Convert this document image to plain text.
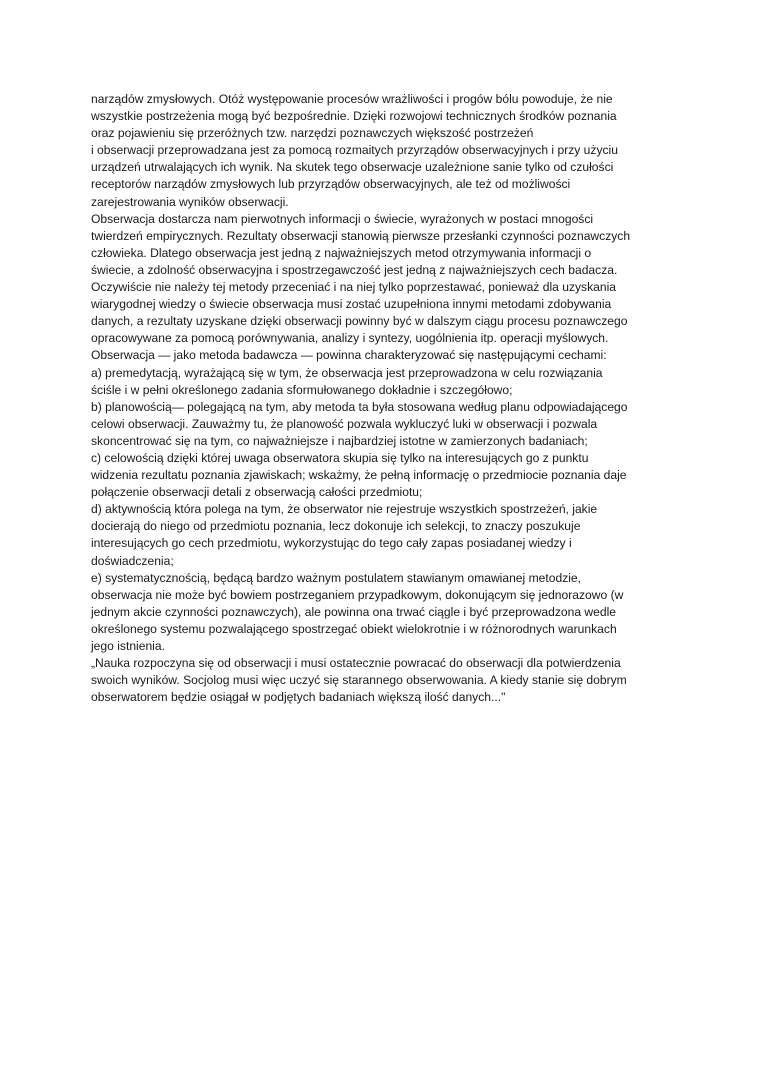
narządów zmysłowych. Otóż występowanie procesów wrażliwości i progów bólu powoduje, że nie
wszystkie postrzeżenia mogą być bezpośrednie. Dzięki rozwojowi technicznych środków poznania
oraz pojawieniu się przeróżnych tzw. narzędzi poznawczych większość postrzeżeń
i obserwacji przeprowadzana jest za pomocą rozmaitych przyrządów obserwacyjnych i przy użyciu
urządzeń utrwalających ich wynik. Na skutek tego obserwacje uzależnione sanie tylko od czułości
receptorów narządów zmysłowych lub przyrządów obserwacyjnych, ale też od możliwości
zarejestrowania wyników obserwacji.
Obserwacja dostarcza nam pierwotnych informacji o świecie, wyrażonych w postaci mnogości
twierdzeń empirycznych. Rezultaty obserwacji stanowią pierwsze przesłanki czynności poznawczych
człowieka. Dlatego obserwacja jest jedną z najważniejszych metod otrzymywania informacji o
świecie, a zdolność obserwacyjna i spostrzegawczość jest jedną z najważniejszych cech badacza.
Oczywiście nie należy tej metody przeceniać i na niej tylko poprzestawać, ponieważ dla uzyskania
wiarygodnej wiedzy o świecie obserwacja musi zostać uzupełniona innymi metodami zdobywania
danych, a rezultaty uzyskane dzięki obserwacji powinny być w dalszym ciągu procesu poznawczego
opracowywane za pomocą porównywania, analizy i syntezy, uogólnienia itp. operacji myślowych.
Obserwacja — jako metoda badawcza — powinna charakteryzować się następującymi cechami:
a) premedytacją, wyrażającą się w tym, że obserwacja jest przeprowadzona w celu rozwiązania
ściśle i w pełni określonego zadania sformułowanego dokładnie i szczegółowo;
b) planowością— polegającą na tym, aby metoda ta była stosowana według planu odpowiadającego
celowi obserwacji. Zauważmy tu, że planowość pozwala wykluczyć luki w obserwacji i pozwala
skoncentrować się na tym, co najważniejsze i najbardziej istotne w zamierzonych badaniach;
c) celowością dzięki której uwaga obserwatora skupia się tylko na interesujących go z punktu
widzenia rezultatu poznania zjawiskach; wskażmy, że pełną informację o przedmiocie poznania daje
połączenie obserwacji detali z obserwacją całości przedmiotu;
d) aktywnością która polega na tym, że obserwator nie rejestruje wszystkich spostrzeżeń, jakie
docierają do niego od przedmiotu poznania, lecz dokonuje ich selekcji, to znaczy poszukuje
interesujących go cech przedmiotu, wykorzystując do tego cały zapas posiadanej wiedzy i
doświadczenia;
e) systematycznością, będącą bardzo ważnym postulatem stawianym omawianej metodzie,
obserwacja nie może być bowiem postrzeganiem przypadkowym, dokonującym się jednorazowo (w
jednym akcie czynności poznawczych), ale powinna ona trwać ciągle i być przeprowadzona wedle
określonego systemu pozwalającego spostrzegać obiekt wielokrotnie i w różnorodnych warunkach
jego istnienia.
„Nauka rozpoczyna się od obserwacji i musi ostatecznie powracać do obserwacji dla potwierdzenia
swoich wyników. Socjolog musi więc uczyć się starannego obserwowania. A kiedy stanie się dobrym
obserwatorem będzie osiągał w podjętych badaniach większą ilość danych..."
